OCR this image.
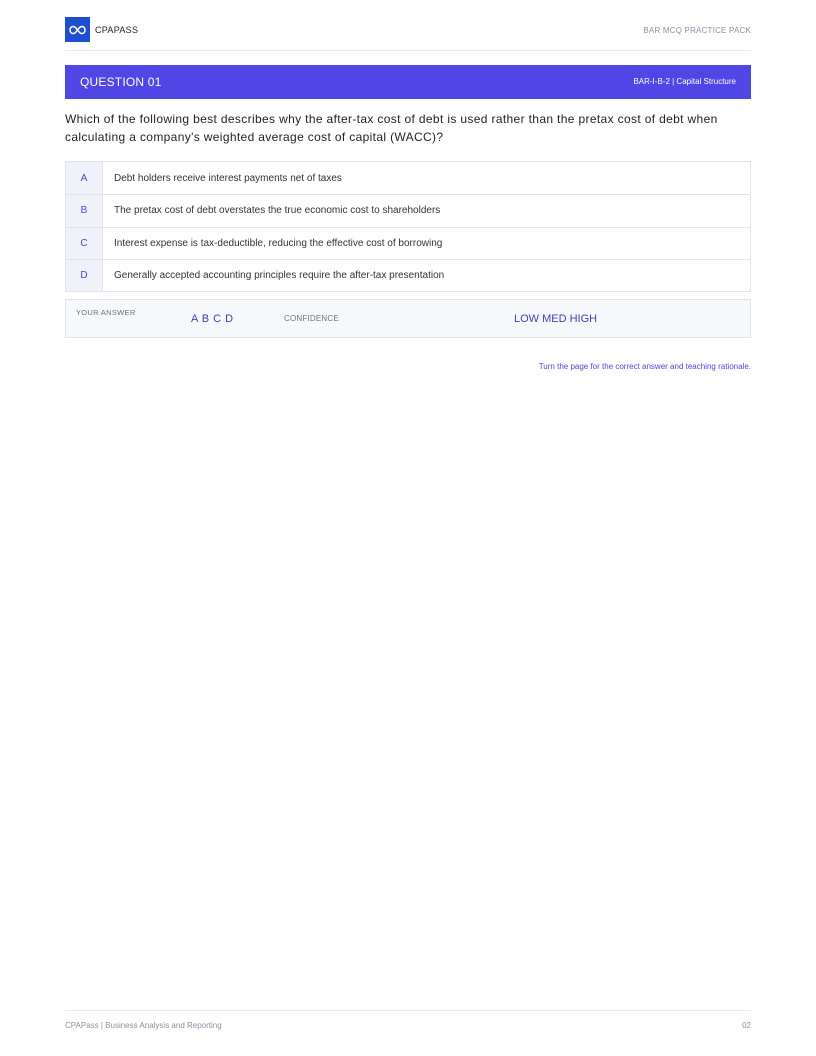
CPAPASS	BAR MCQ PRACTICE PACK
QUESTION 01	BAR-I-B-2 | Capital Structure

Which of the following best describes why the after-tax cost of debt is used rather than the pretax cost of debt when calculating a company's weighted average cost of capital (WACC)?

A	Debt holders receive interest payments net of taxes
B	The pretax cost of debt overstates the true economic cost to shareholders
C	Interest expense is tax-deductible, reducing the effective cost of borrowing
D	Generally accepted accounting principles require the after-tax presentation
YOUR ANSWER
A B C D	CONFIDENCE	LOW MED HIGH
Turn the page for the correct answer and teaching rationale.
CPAPass | Business Analysis and Reporting	02
